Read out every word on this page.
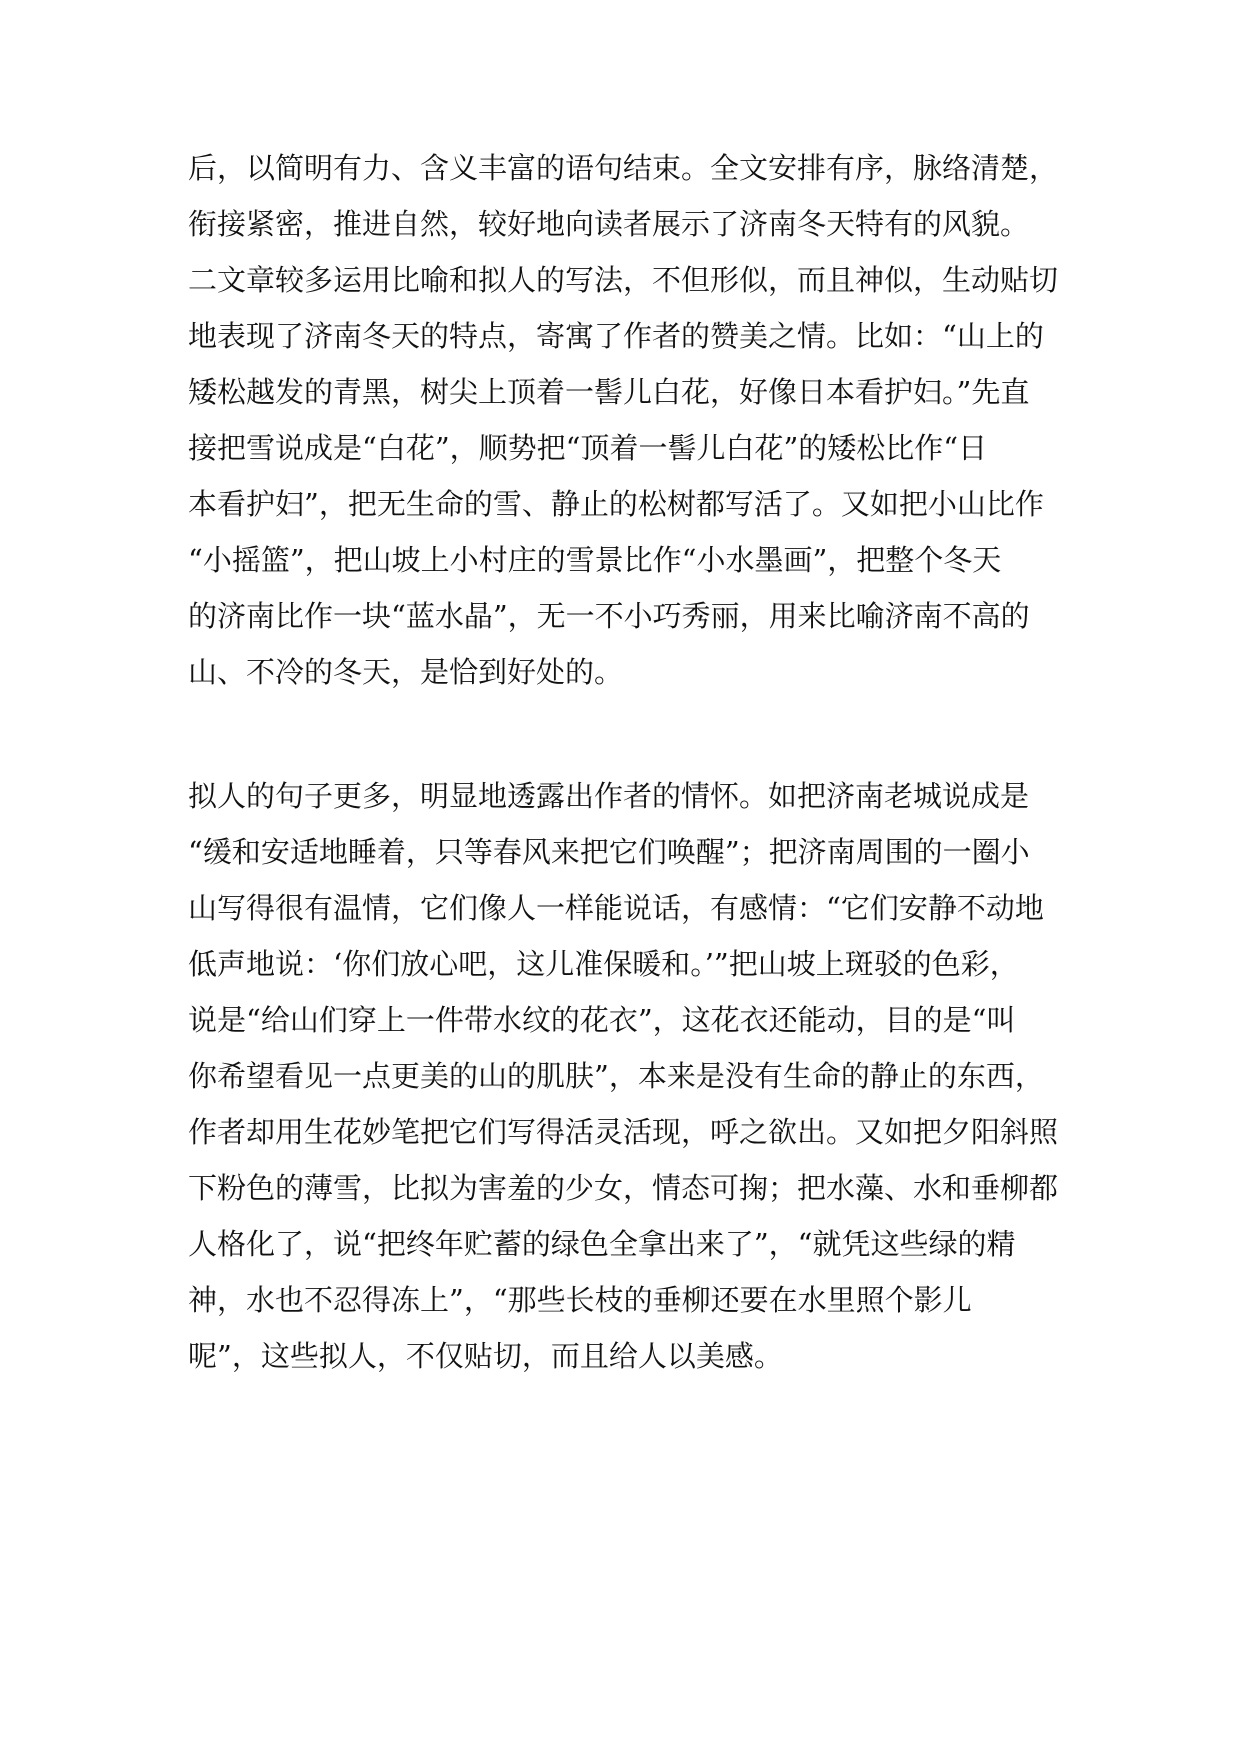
后，以简明有力、含义丰富的语句结束。全文安排有序，脉络清楚，
衔接紧密，推进自然，较好地向读者展示了济南冬天特有的风貌。
二文章较多运用比喻和拟人的写法，不但形似，而且神似，生动贴切
地表现了济南冬天的特点，寄寓了作者的赞美之情。比如：“山上的
矮松越发的青黑，树尖上顶着一髻儿白花，好像日本看护妇。”先直
接把雪说成是“白花”，顺势把“顶着一髻儿白花”的矮松比作“日
本看护妇”，把无生命的雪、静止的松树都写活了。又如把小山比作
“小摇篮”，把山坡上小村庄的雪景比作“小水墨画”，把整个冬天
的济南比作一块“蓝水晶”，无一不小巧秀丽，用来比喻济南不高的
山、不冷的冬天，是恰到好处的。
拟人的句子更多，明显地透露出作者的情怀。如把济南老城说成是
“缓和安适地睡着，只等春风来把它们唤醒”；把济南周围的一圈小
山写得很有温情，它们像人一样能说话，有感情：“它们安静不动地
低声地说：‘你们放心吧，这儿准保暖和。’”把山坡上斑驳的色彩，
说是“给山们穿上一件带水纹的花衣”，这花衣还能动，目的是“叫
你希望看见一点更美的山的肌肤”，本来是没有生命的静止的东西，
作者却用生花妙笔把它们写得活灵活现，呼之欲出。又如把夕阳斜照
下粉色的薄雪，比拟为害羞的少女，情态可掬；把水藻、水和垂柳都
人格化了，说“把终年贮蓄的绿色全拿出来了”，“就凭这些绿的精
神，水也不忍得冻上”，“那些长枝的垂柳还要在水里照个影儿
呢”，这些拟人，不仅贴切，而且给人以美感。
